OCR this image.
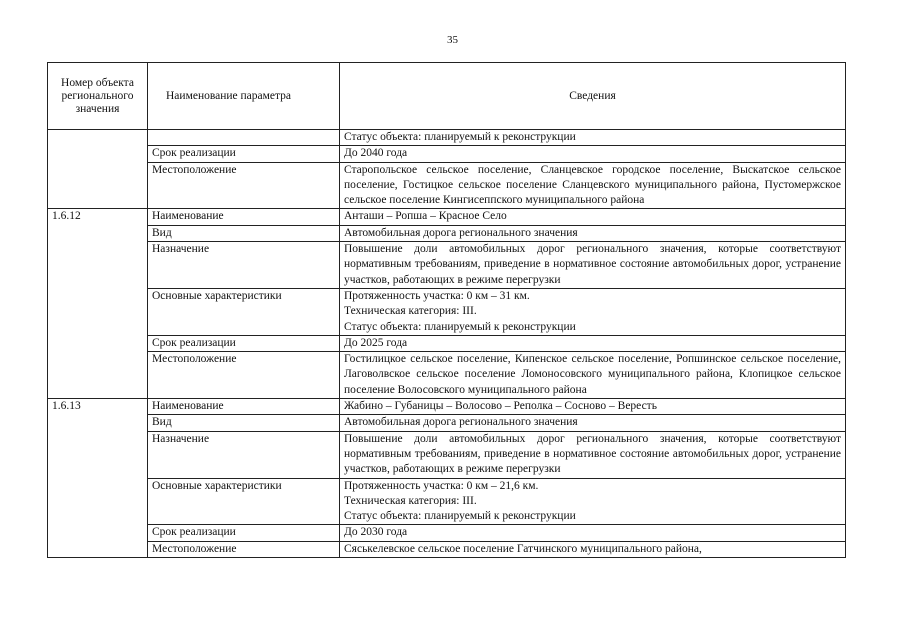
35
Номер объекта регионального значения	Наименование параметра	Сведения

		Статус объекта: планируемый к реконструкции

	Срок реализации	До 2040 года

	Местоположение	Старопольское сельское поселение, Сланцевское городское поселение, Выскатское сельское поселение, Гостицкое сельское поселение Сланцевского муниципального района, Пустомержское сельское поселение Кингисеппского муниципального района

1.6.12	Наименование	Анташи – Ропша – Красное Село

	Вид	Автомобильная дорога регионального значения

	Назначение	Повышение доли автомобильных дорог регионального значения, которые соответствуют нормативным требованиям, приведение в нормативное состояние автомобильных дорог, устранение участков, работающих в режиме перегрузки

	Основные характеристики	Протяженность участка: 0 км – 31 км.
Техническая категория: III.
Статус объекта: планируемый к реконструкции

	Срок реализации	До 2025 года

	Местоположение	Гостилицкое сельское поселение, Кипенское сельское поселение, Ропшинское сельское поселение, Лаговолвское сельское поселение Ломоносовского муниципального района, Клопицкое сельское поселение Волосовского муниципального района

1.6.13	Наименование	Жабино – Губаницы – Волосово – Реполка – Сосново – Вересть

	Вид	Автомобильная дорога регионального значения

	Назначение	Повышение доли автомобильных дорог регионального значения, которые соответствуют нормативным требованиям, приведение в нормативное состояние автомобильных дорог, устранение участков, работающих в режиме перегрузки

	Основные характеристики	Протяженность участка: 0 км – 21,6 км.
Техническая категория: III.
Статус объекта: планируемый к реконструкции

	Срок реализации	До 2030 года

	Местоположение	Сяськелевское сельское поселение Гатчинского муниципального района,
